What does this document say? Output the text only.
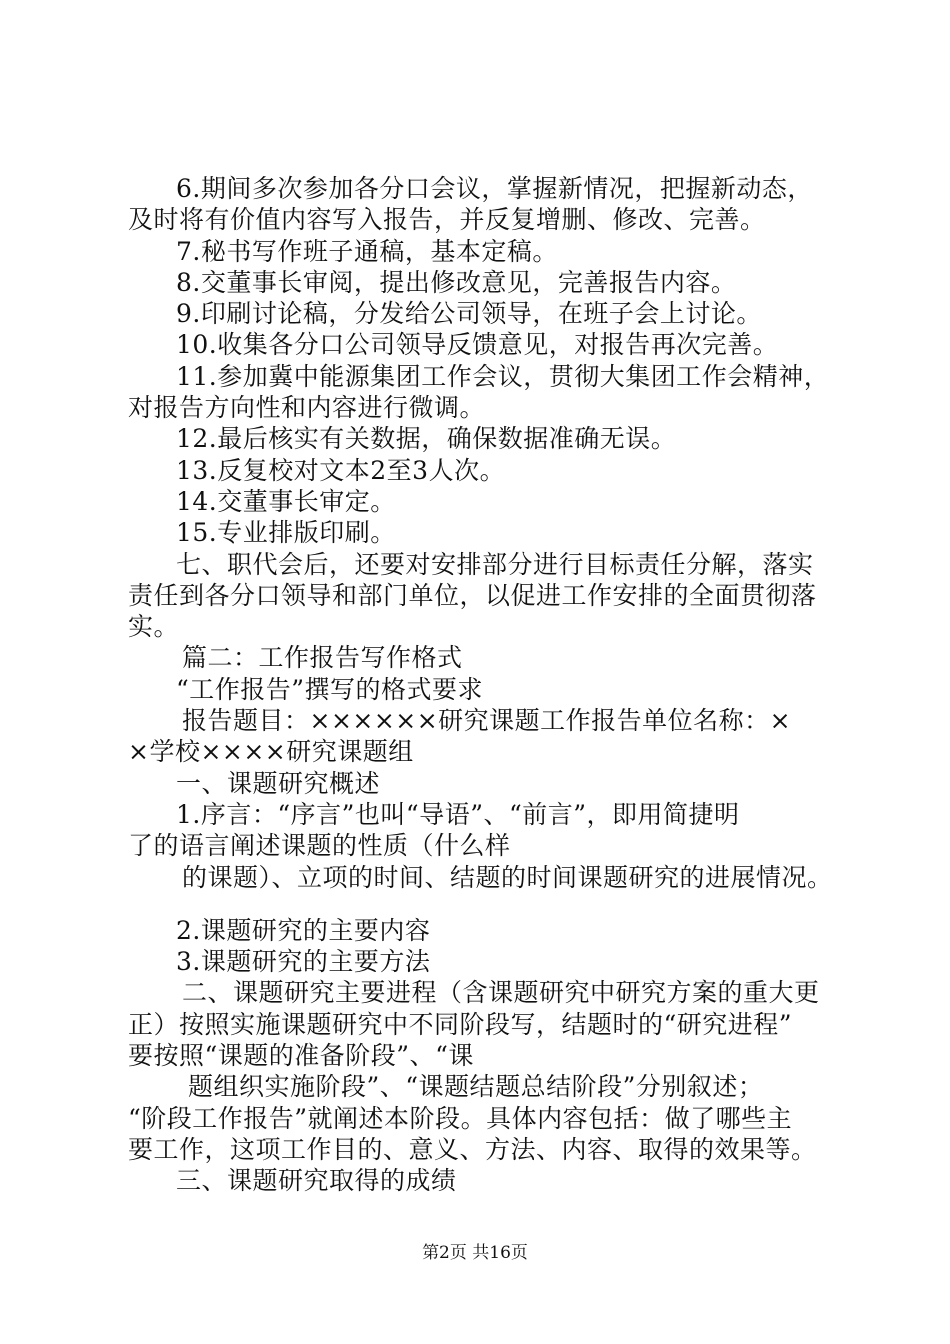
6.期间多次参加各分口会议，掌握新情况，把握新动态，
及时将有价值内容写入报告，并反复增删、修改、完善。
7.秘书写作班子通稿，基本定稿。
8.交董事长审阅，提出修改意见，完善报告内容。
9.印刷讨论稿，分发给公司领导，在班子会上讨论。
10.收集各分口公司领导反馈意见，对报告再次完善。
11.参加冀中能源集团工作会议，贯彻大集团工作会精神，
对报告方向性和内容进行微调。
12.最后核实有关数据，确保数据准确无误。
13.反复校对文本2至3人次。
14.交董事长审定。
15.专业排版印刷。
七、职代会后，还要对安排部分进行目标责任分解，落实
责任到各分口领导和部门单位，以促进工作安排的全面贯彻落
实。
篇二：工作报告写作格式
“工作报告”撰写的格式要求
报告题目：××××××研究课题工作报告单位名称：×
×学校××××研究课题组
一、课题研究概述
1.序言：“序言”也叫“导语”、“前言”，即用简捷明
了的语言阐述课题的性质（什么样
的课题）、立项的时间、结题的时间课题研究的进展情况。
2.课题研究的主要内容
3.课题研究的主要方法
二、课题研究主要进程（含课题研究中研究方案的重大更
正）按照实施课题研究中不同阶段写，结题时的“研究进程”
要按照“课题的准备阶段”、“课
题组织实施阶段”、“课题结题总结阶段”分别叙述；
“阶段工作报告”就阐述本阶段。具体内容包括：做了哪些主
要工作，这项工作目的、意义、方法、内容、取得的效果等。
三、课题研究取得的成绩
第2页 共16页
